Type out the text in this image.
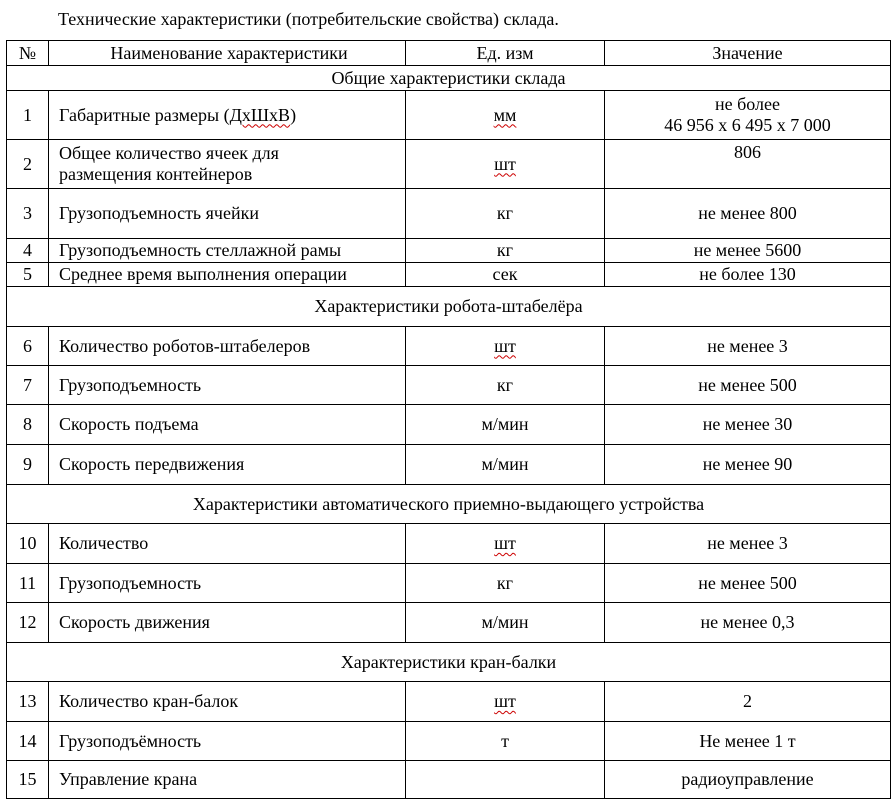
Технические характеристики (потребительские свойства) склада.
№	Наименование характеристики	Ед. изм	Значение
Общие характеристики склада			
1	Габаритные размеры (ДхШхВ)	мм	не более
46 956 х 6 495 х 7 000

2	Общее количество ячеек для
размещения контейнеров	шт	806
3	Грузоподъемность ячейки	кг	не менее 800
4	Грузоподъемность стеллажной рамы	кг	не менее 5600
5	Среднее время выполнения операции	сек	не более 130
Характеристики робота-штабелёра			
6	Количество роботов-штабелеров	шт	не менее 3
7	Грузоподъемность	кг	не менее 500
8	Скорость подъема	м/мин	не менее 30
9	Скорость передвижения	м/мин	не менее 90
Характеристики автоматического приемно-выдающего устройства			
10	Количество	шт	не менее 3
11	Грузоподъемность	кг	не менее 500
12	Скорость движения	м/мин	не менее 0,3
Характеристики кран-балки			
13	Количество кран-балок	шт	2
14	Грузоподъёмность	т	Не менее 1 т
15	Управление крана		радиоуправление
